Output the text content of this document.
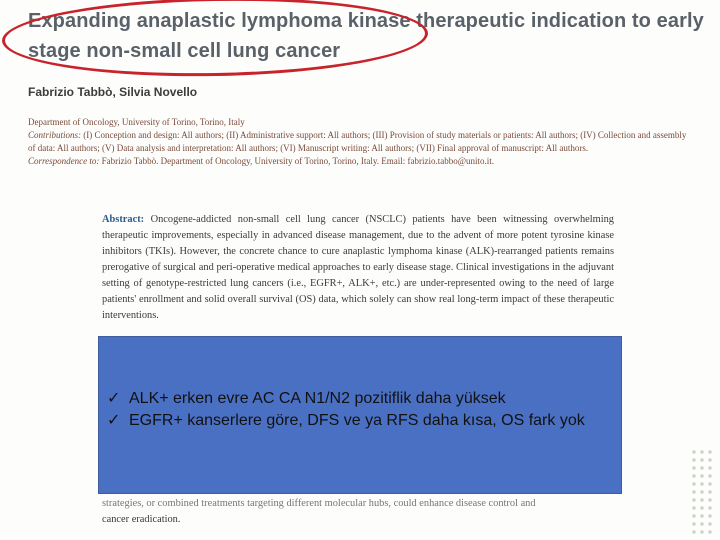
Expanding anaplastic lymphoma kinase therapeutic indication to early stage non-small cell lung cancer
Fabrizio Tabbò, Silvia Novello
Department of Oncology, University of Torino, Torino, Italy
Contributions: (I) Conception and design: All authors; (II) Administrative support: All authors; (III) Provision of study materials or patients: All authors; (IV) Collection and assembly of data: All authors; (V) Data analysis and interpretation: All authors; (VI) Manuscript writing: All authors; (VII) Final approval of manuscript: All authors.
Correspondence to: Fabrizio Tabbò. Department of Oncology, University of Torino, Torino, Italy. Email: fabrizio.tabbo@unito.it.
Abstract: Oncogene-addicted non-small cell lung cancer (NSCLC) patients have been witnessing overwhelming therapeutic improvements, especially in advanced disease management, due to the advent of more potent tyrosine kinase inhibitors (TKIs). However, the concrete chance to cure anaplastic lymphoma kinase (ALK)-rearranged patients remains prerogative of surgical and peri-operative medical approaches to early disease stage. Clinical investigations in the adjuvant setting of genotype-restricted lung cancers (i.e., EGFR+, ALK+, etc.) are under-represented owing to the need of large patients' enrollment and solid overall survival (OS) data, which solely can show real long-term impact of these therapeutic interventions.
strategies, or combined treatments targeting different molecular hubs, could enhance disease control and
cancer eradication.
✓ ALK+ erken evre AC CA N1/N2 pozitiflik daha yüksek
✓ EGFR+ kanserlere göre, DFS ve ya RFS daha kısa, OS fark yok
